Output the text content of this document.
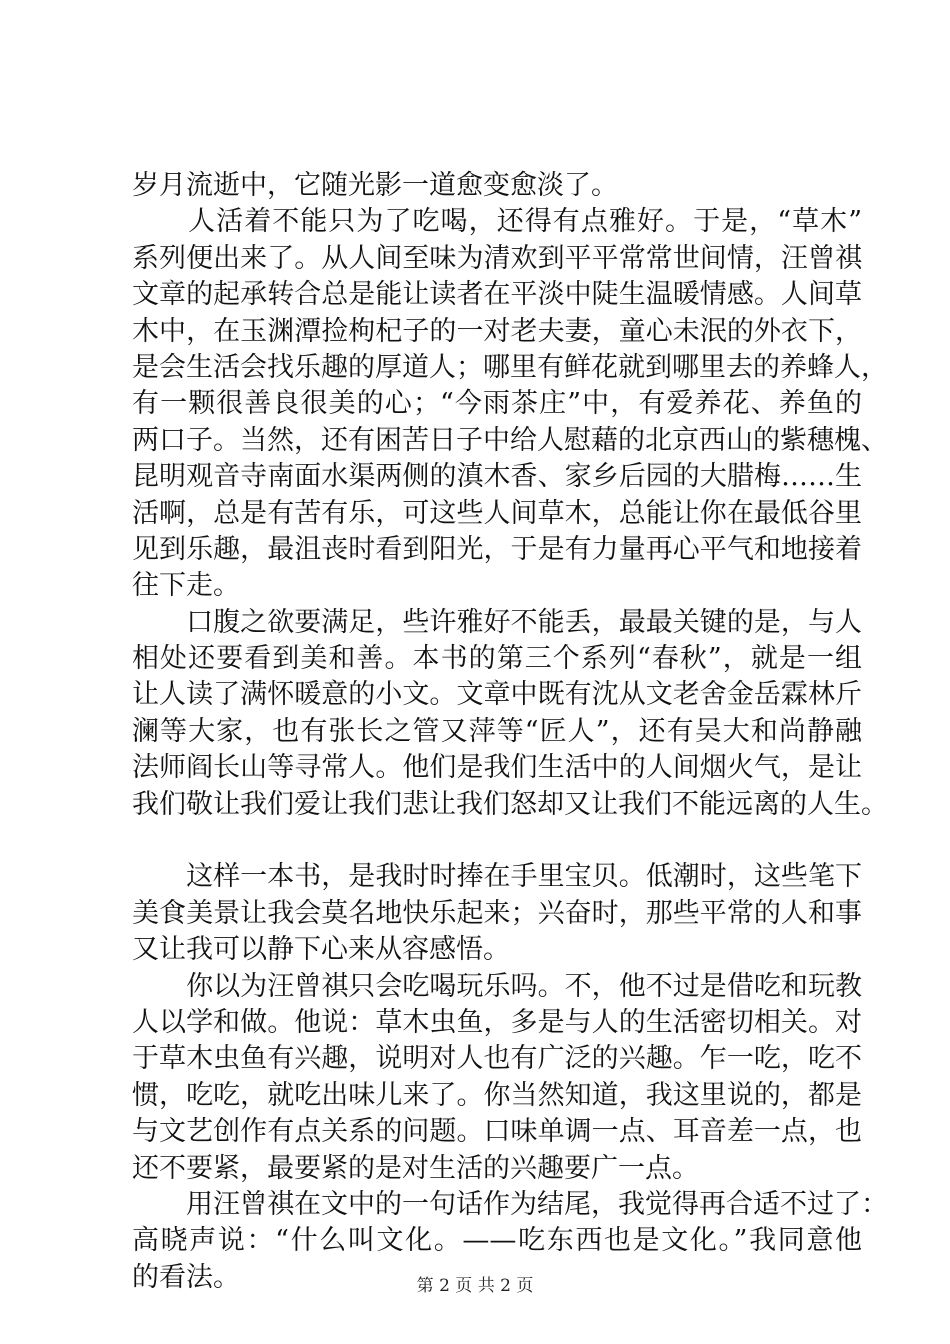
岁月流逝中，它随光影一道愈变愈淡了。
　　人活着不能只为了吃喝，还得有点雅好。于是，“草木”
系列便出来了。从人间至味为清欢到平平常常世间情，汪曾祺
文章的起承转合总是能让读者在平淡中陡生温暖情感。人间草
木中，在玉渊潭捡枸杞子的一对老夫妻，童心未泯的外衣下，
是会生活会找乐趣的厚道人；哪里有鲜花就到哪里去的养蜂人，
有一颗很善良很美的心；“今雨茶庄”中，有爱养花、养鱼的
两口子。当然，还有困苦日子中给人慰藉的北京西山的紫穗槐、
昆明观音寺南面水渠两侧的滇木香、家乡后园的大腊梅……生
活啊，总是有苦有乐，可这些人间草木，总能让你在最低谷里
见到乐趣，最沮丧时看到阳光，于是有力量再心平气和地接着
往下走。
　　口腹之欲要满足，些许雅好不能丢，最最关键的是，与人
相处还要看到美和善。本书的第三个系列“春秋”，就是一组
让人读了满怀暖意的小文。文章中既有沈从文老舍金岳霖林斤
澜等大家，也有张长之管又萍等“匠人”，还有吴大和尚静融
法师阎长山等寻常人。他们是我们生活中的人间烟火气，是让
我们敬让我们爱让我们悲让我们怒却又让我们不能远离的人生。
　　这样一本书，是我时时捧在手里宝贝。低潮时，这些笔下
美食美景让我会莫名地快乐起来；兴奋时，那些平常的人和事
又让我可以静下心来从容感悟。
　　你以为汪曾祺只会吃喝玩乐吗。不，他不过是借吃和玩教
人以学和做。他说：草木虫鱼，多是与人的生活密切相关。对
于草木虫鱼有兴趣，说明对人也有广泛的兴趣。乍一吃，吃不
惯，吃吃，就吃出味儿来了。你当然知道，我这里说的，都是
与文艺创作有点关系的问题。口味单调一点、耳音差一点，也
还不要紧，最要紧的是对生活的兴趣要广一点。
　　用汪曾祺在文中的一句话作为结尾，我觉得再合适不过了：
高晓声说：“什么叫文化。——吃东西也是文化。”我同意他
的看法。	第 2 页 共 2 页
